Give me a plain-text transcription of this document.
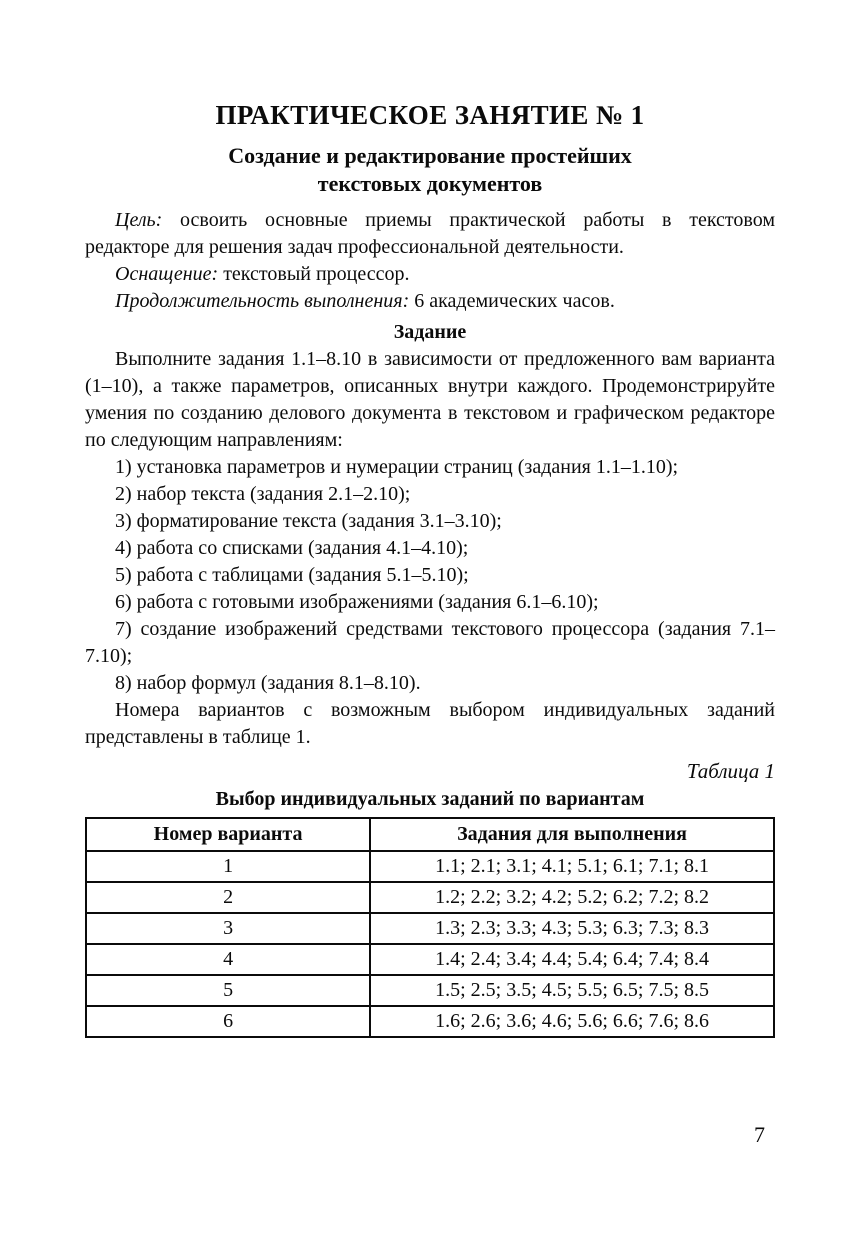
ПРАКТИЧЕСКОЕ ЗАНЯТИЕ № 1
Создание и редактирование простейших текстовых документов

Цель: освоить основные приемы практической работы в текстовом редакторе для решения задач профессиональной деятельности.

Оснащение: текстовый процессор.

Продолжительность выполнения: 6 академических часов.

Задание

Выполните задания 1.1–8.10 в зависимости от предложенного вам варианта (1–10), а также параметров, описанных внутри каждого. Продемонстрируйте умения по созданию делового документа в текстовом и графическом редакторе по следующим направлениям:

1) установка параметров и нумерации страниц (задания 1.1–1.10);

2) набор текста (задания 2.1–2.10);

3) форматирование текста (задания 3.1–3.10);

4) работа со списками (задания 4.1–4.10);

5) работа с таблицами (задания 5.1–5.10);

6) работа с готовыми изображениями (задания 6.1–6.10);

7) создание изображений средствами текстового процессора (задания 7.1–7.10);

8) набор формул (задания 8.1–8.10).

Номера вариантов с возможным выбором индивидуальных заданий представлены в таблице 1.

Таблица 1
Выбор индивидуальных заданий по вариантам
Номер варианта	Задания для выполнения
1	1.1; 2.1; 3.1; 4.1; 5.1; 6.1; 7.1; 8.1
2	1.2; 2.2; 3.2; 4.2; 5.2; 6.2; 7.2; 8.2
3	1.3; 2.3; 3.3; 4.3; 5.3; 6.3; 7.3; 8.3
4	1.4; 2.4; 3.4; 4.4; 5.4; 6.4; 7.4; 8.4
5	1.5; 2.5; 3.5; 4.5; 5.5; 6.5; 7.5; 8.5
6	1.6; 2.6; 3.6; 4.6; 5.6; 6.6; 7.6; 8.6
7
